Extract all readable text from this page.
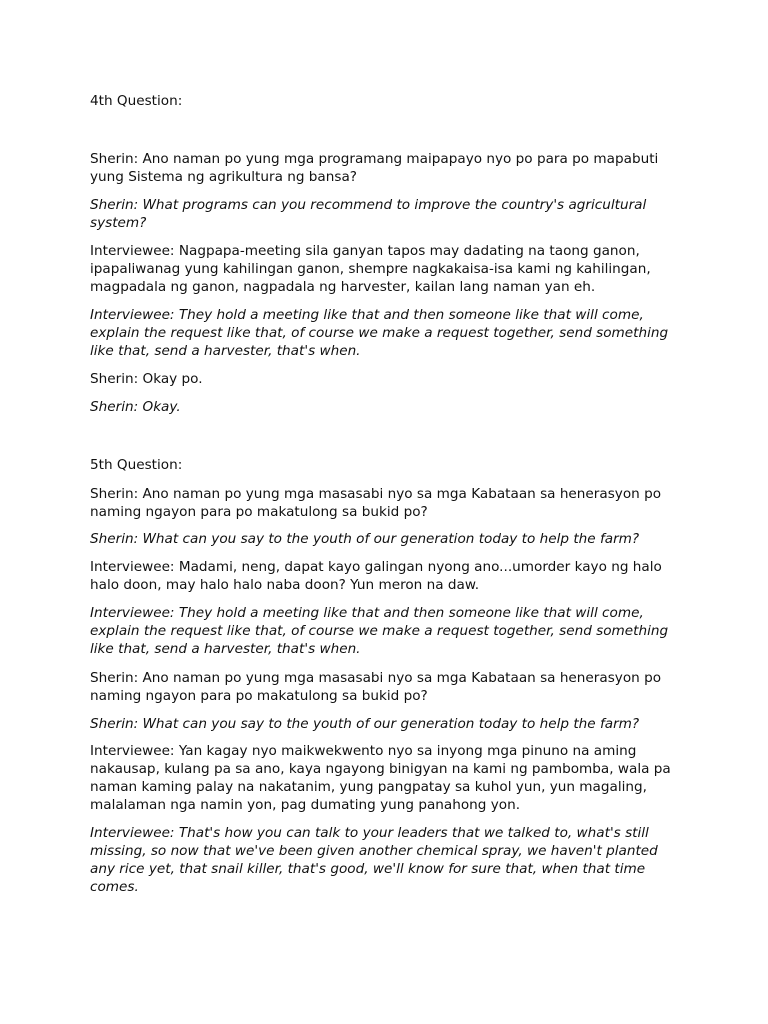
4th Question:

Sherin: Ano naman po yung mga programang maipapayo nyo po para po mapabuti yung Sistema ng agrikultura ng bansa?

Sherin: What programs can you recommend to improve the country's agricultural system?

Interviewee: Nagpapa-meeting sila ganyan tapos may dadating na taong ganon, ipapaliwanag yung kahilingan ganon, shempre nagkakaisa-isa kami ng kahilingan, magpadala ng ganon, nagpadala ng harvester, kailan lang naman yan eh.

Interviewee: They hold a meeting like that and then someone like that will come, explain the request like that, of course we make a request together, send something like that, send a harvester, that's when.

Sherin: Okay po.

Sherin: Okay.

5th Question:

Sherin: Ano naman po yung mga masasabi nyo sa mga Kabataan sa henerasyon po naming ngayon para po makatulong sa bukid po?

Sherin: What can you say to the youth of our generation today to help the farm?

Interviewee: Madami, neng, dapat kayo galingan nyong ano...umorder kayo ng halo halo doon, may halo halo naba doon? Yun meron na daw.

Interviewee: They hold a meeting like that and then someone like that will come, explain the request like that, of course we make a request together, send something like that, send a harvester, that's when.

Sherin: Ano naman po yung mga masasabi nyo sa mga Kabataan sa henerasyon po naming ngayon para po makatulong sa bukid po?

Sherin: What can you say to the youth of our generation today to help the farm?

Interviewee: Yan kagay nyo maikwekwento nyo sa inyong mga pinuno na aming nakausap, kulang pa sa ano, kaya ngayong binigyan na kami ng pambomba, wala pa naman kaming palay na nakatanim, yung pangpatay sa kuhol yun, yun magaling, malalaman nga namin yon, pag dumating yung panahong yon.

Interviewee: That's how you can talk to your leaders that we talked to, what's still missing, so now that we've been given another chemical spray, we haven't planted any rice yet, that snail killer, that's good, we'll know for sure that, when that time comes.
